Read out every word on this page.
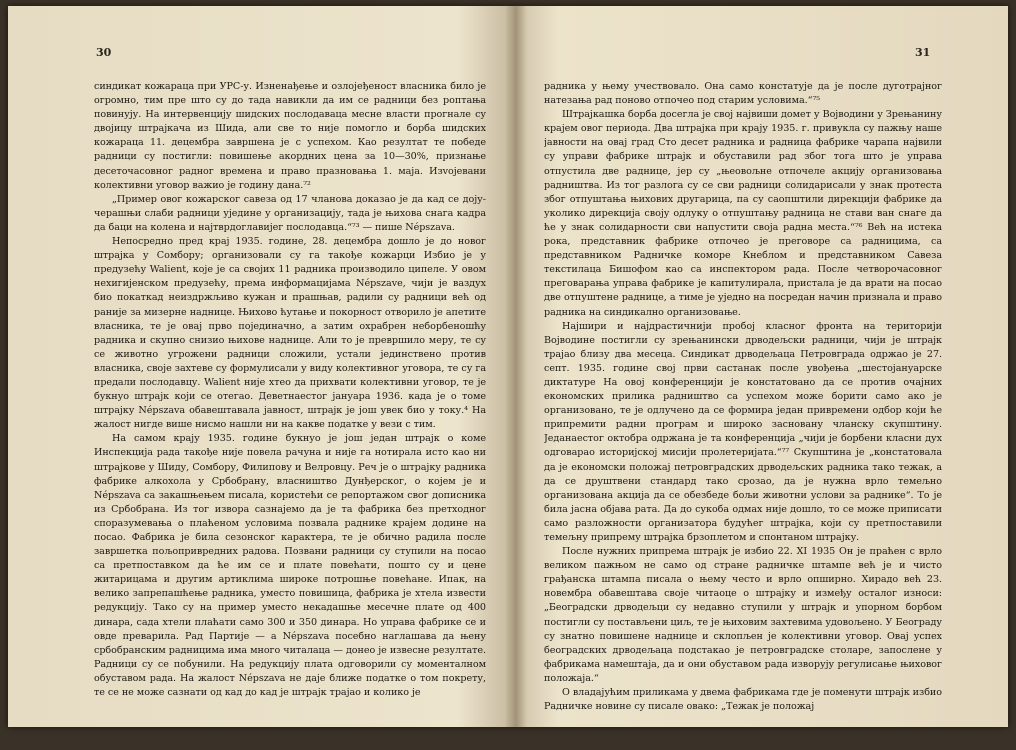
30	31

синдикат кожараца при УРС-у. Изненађење и озлојеђеност власника било је огромно, тим пре што су до тада навикли да им се радници без роптања повинују. На интервенцију шидских послодаваца месне власти прогнале су двојицу штрајкача из Шида, али све то није помогло и борба шидских кожараца 11. децембра завршена је с успехом. Као резултат те победе радници су постигли: повишење акордних цена за 10—30%, признање десеточасовног радног времена и право празновања 1. маја. Изvојевани колективни уговор важио је годину дана.⁷²

„Пример овог кожарског савеза од 17 чланова доказао је да кад се дојучерашњи слаби радници уједине у организацију, тада је њихова снага кадра да баци на колена и најтврдоглавијег послодавца.“⁷³ — пише Népszava.

Непосредно пред крај 1935. године, 28. децембра дошло је до новог штрајка у Сомбору; организовали су га такође кожарци Избио је у предузећу Walient, које је са својих 11 радника производило ципеле. У овом нехигијенском предузећу, према информацијама Népszave, чији је ваздух био покаткад неиздржљиво кужан и прашњав, радили су радници већ од раније за мизерне наднице. Њихово ћутање и покорност отворило је апетите власника, те је овај прво појединачно, а затим охрабрен неборбеношћу радника и скупно снизио њихове наднице. Али то је превршило меру, те су се животно угрожени радници сложили, устали јединствено против власника, своје захтеве су формулисали у виду колективног уговора, те су га предали послодавцу. Walient није хтео да прихвати колективни уговор, те је букнуо штрајк који се отегао. Деветнаестог јануара 1936. када је о томе штрајку Népszava обавештавала јавност, штрајк је још увек био у току.⁴ На жалост нигде више нисмо нашли ни на какве податке у вези с тим.

На самом крају 1935. године букнуо је још један штрајк о коме Инспекција рада такође није повела рачуна и није га нотирала исто као ни штрајкове у Шиду, Сомбору, Филипову и Велровцу. Реч је о штрајку радника фабрике алкохола у Србобрану, власништво Дунђерског, о којем је и Népszava са закашњењем писала, користећи се репортажом свог дописника из Србобрана. Из тог извора сазнајемо да је та фабрика без претходног споразумевања о плаћеном условима позвала раднике крајем додине на посао. Фабрика је била сезонског карактера, те је обично радила после завршетка пољопривредних радова. Позвани радници су ступили на посао са претпоставком да ће им се и плате повећати, пошто су и цене житарицама и другим артиклима широке потрошње повећане. Ипак, на велико запрепашћење радника, уместо повишица, фабрика је хтела извести редукцију. Тако су на пример уместо некадашње месечне плате од 400 динара, сада хтели плаћати само 300 и 350 динара. Но управа фабрике се и овде преварила. Рад Партије — а Népszava посебно наглашава да њену србобранским радницима има много читалаца — донео је извесне резултате. Радници су се побунили. На редукцију плата одговорили су моменталном обуставом рада. На жалост Népszava не даје ближе податке о том покрету, те се не може сазнати од кад до кад је штрајк трајао и колико је

радника у њему учествовало. Она само констатује да је после дуготрајног натезања рад поново отпочео под старим условима.“⁷⁵

Штрајкашка борба досегла је свој највиши домет у Војводини у Зрењанину крајем овог периода. Два штрајка при крају 1935. г. привукла су пажњу наше јавности на овај град Сто десет радника и радница фабрике чарапа највили су управи фабрике штрајк и обуставили рад због тога што је управа отпустила две раднице, јер су „њеовољне отпочеле акцију организовања радништва. Из тог разлога су се сви радници солидарисали у знак протеста због отпуштања њихових другарица, па су саопштили дирекцији фабрике да уколико дирекција своју одлуку о отпуштању радница не стави ван снаге да ће у знак солидарности сви напустити своја радна места.“⁷⁶ Већ на истека рока, представник фабрике отпочео је преговоре са радницима, са представником Радничке коморе Кнеблом и представником Савеза текстилаца Бишофом као са инспектором рада. После четворочасовног преговарања управа фабрике је капитулирала, пристала је да врати на посао две отпуштене раднице, а тиме је уједно на посредан начин признала и право радника на синдикално организовање.

Најшири и најдрастичнији пробој класног фронта на територији Војводине постигли су зрењанински дрводељски радници, чији је штрајк трајао близу два месеца. Синдикат дрводељаца Петровграда одржао је 27. септ. 1935. године свој први састанак после увођења „шестојануарске диктатуре На овој конференцији је констатовано да се против очајних економских прилика радништво са успехом може борити само ако је организовано, те је одлучено да се формира један привремени одбор који ће припремити радни програм и широко засновану чланску скупштину. Једанаестог октобра одржана је та конференција „чији је борбени класни дух одговарао историјској мисији пролетеријата.“⁷⁷ Скупштина је „констатовала да је економски положај петровградских дрводељских радника тако тежак, а да се друштвени стандард тако срозао, да је нужна врло темељно организована акција да се обезбеде бољи животни услови за раднике“. То је била јасна објава рата. Да до сукоба одмах није дошло, то се може приписати само разложности организатора будућег штрајка, који су претпоставили темељну припрему штрајка брзоплетом и спонтаном штрајку.

После нужних припрема штрајк је избио 22. XI 1935 Он је праћен с врло великом пажњом не само од стране радничке штампе већ је и чисто грађанска штампа писала о њему често и врло опширно. Хирадо већ 23. новембра обавештава своје читаоце о штрајку и између осталог износи: „Београдски дрводељци су недавно ступили у штрајк и упорном борбом постигли су постављени циљ, те је њиховим захтевима удовољено. У Београду су знатно повишене наднице и склопљен је колективни уговор. Овај успех београдских дрводељаца подстакао је петровградске столаре, запослене у фабрикама намештаја, да и они обуставом рада изворују регулисање њиховог положаја.“

О владајућим приликама у двема фабрикама где је поменути штрајк избио Радничке новине су писале овако: „Тежак је положај
